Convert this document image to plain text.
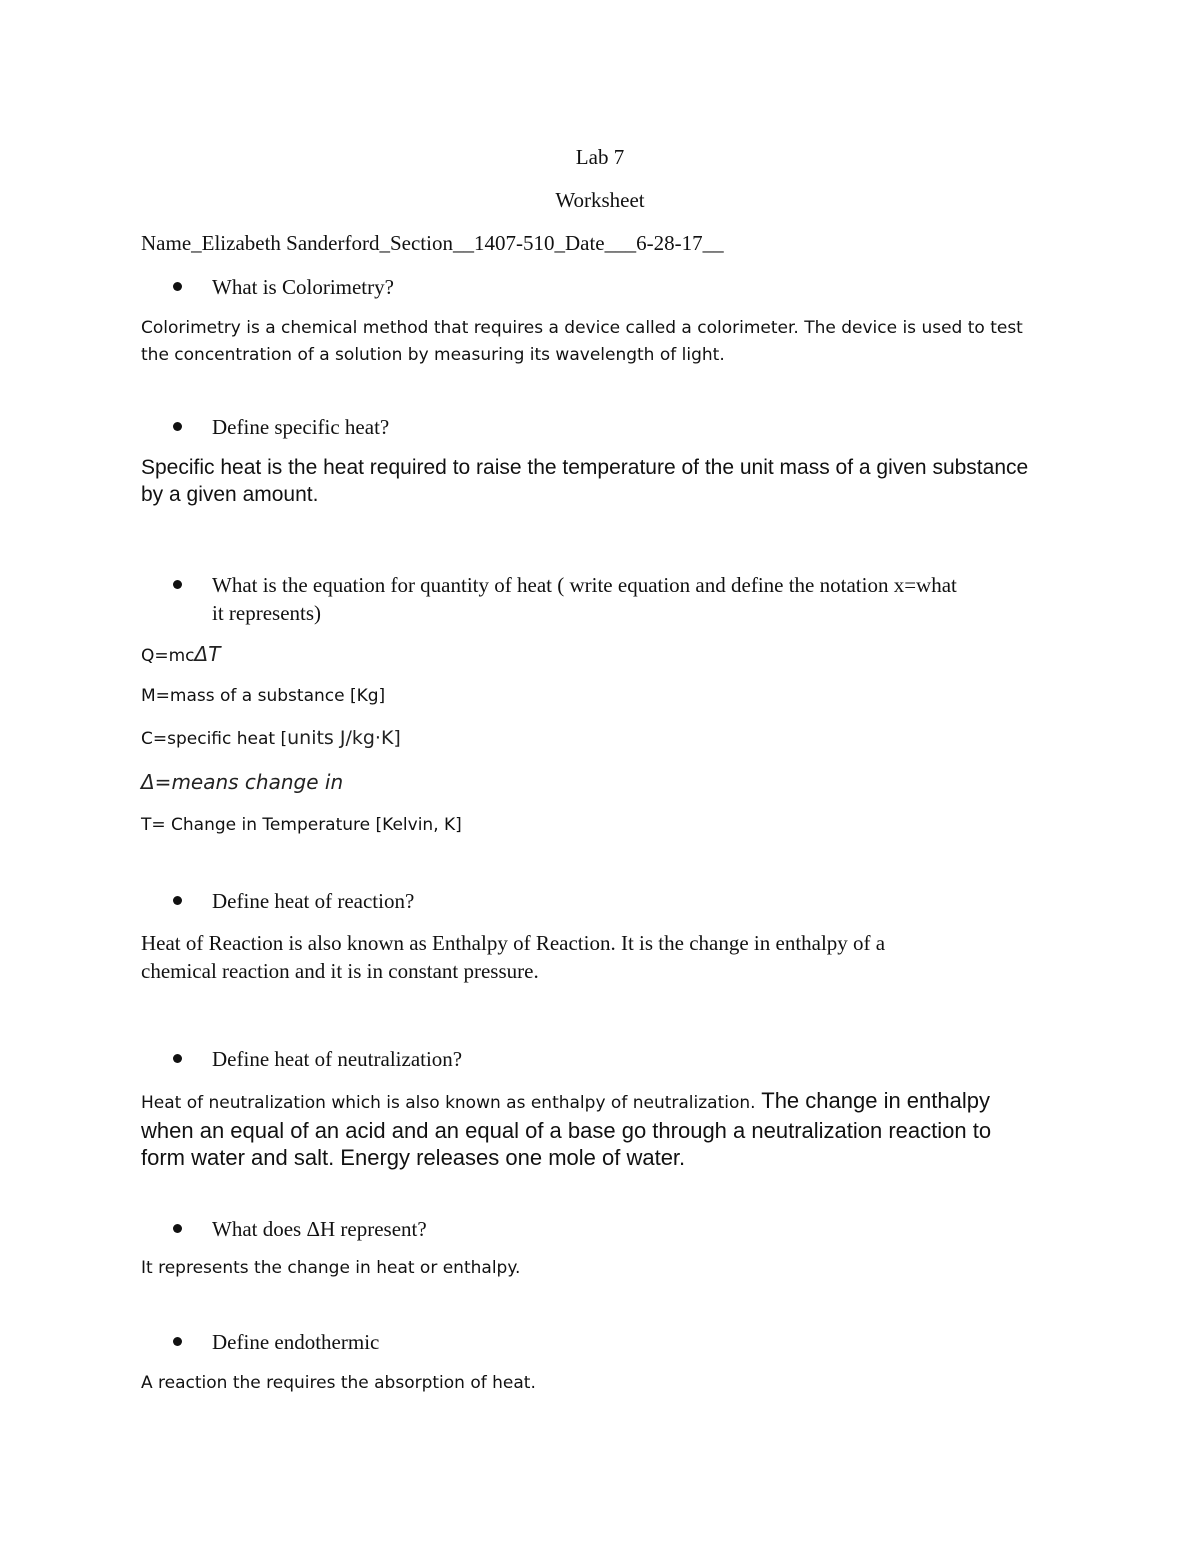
Lab 7
Worksheet
Name_Elizabeth Sanderford_Section__1407-510_Date___6-28-17__
What is Colorimetry?
Colorimetry is a chemical method that requires a device called a colorimeter. The device is used to test
the concentration of a solution by measuring its wavelength of light.
Define specific heat?
Specific heat is the heat required to raise the temperature of the unit mass of a given substance
by a given amount.
What is the equation for quantity of heat ( write equation and define the notation x=what
it represents)
Q=mcΔT
M=mass of a substance [Kg]
C=specific heat [units J/kg·K]
Δ=means change in
T= Change in Temperature [Kelvin, K]
Define heat of reaction?
Heat of Reaction is also known as Enthalpy of Reaction. It is the change in enthalpy of a
chemical reaction and it is in constant pressure.
Define heat of neutralization?
Heat of neutralization which is also known as enthalpy of neutralization. The change in enthalpy
when an equal of an acid and an equal of a base go through a neutralization reaction to
form water and salt. Energy releases one mole of water.
What does ΔH represent?
It represents the change in heat or enthalpy.
Define endothermic
A reaction the requires the absorption of heat.
